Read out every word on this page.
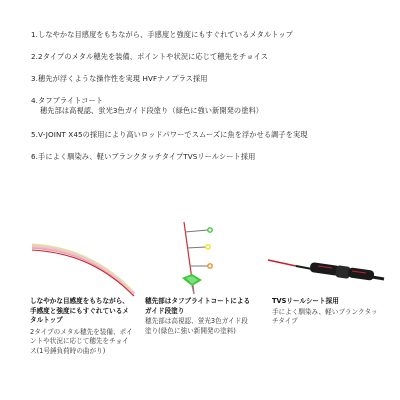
1.しなやかな目感度をもちながら、手感度と強度にもすぐれているメタルトップ
2.2タイプのメタル穂先を装備、ポイントや状況に応じて穂先をチョイス
3.穂先が浮くような操作性を実現 HVFナノプラス採用
4.タフブライトコート
穂先部は高視認、蛍光3色ガイド段塗り（緑色に強い新開発の塗料）
5.V-JOINT X45の採用により高いロッドパワーでスムーズに魚を浮かせる調子を実現
6.手によく馴染み、軽いブランクタッチタイプTVSリールシート採用
しなやかな目感度をもちながら、手感度と強度にもすぐれているメタルトップ
2タイプのメタル穂先を装備、ポイントや状況に応じて穂先をチョイス(1号錘負荷時の曲がり)
穂先部はタフブライトコートによるガイド段塗り
穂先部は高視認、蛍光3色ガイド段塗り(緑色に強い新開発の塗料)
TVSリールシート採用
手によく馴染み、軽いブランクタッチタイプ
